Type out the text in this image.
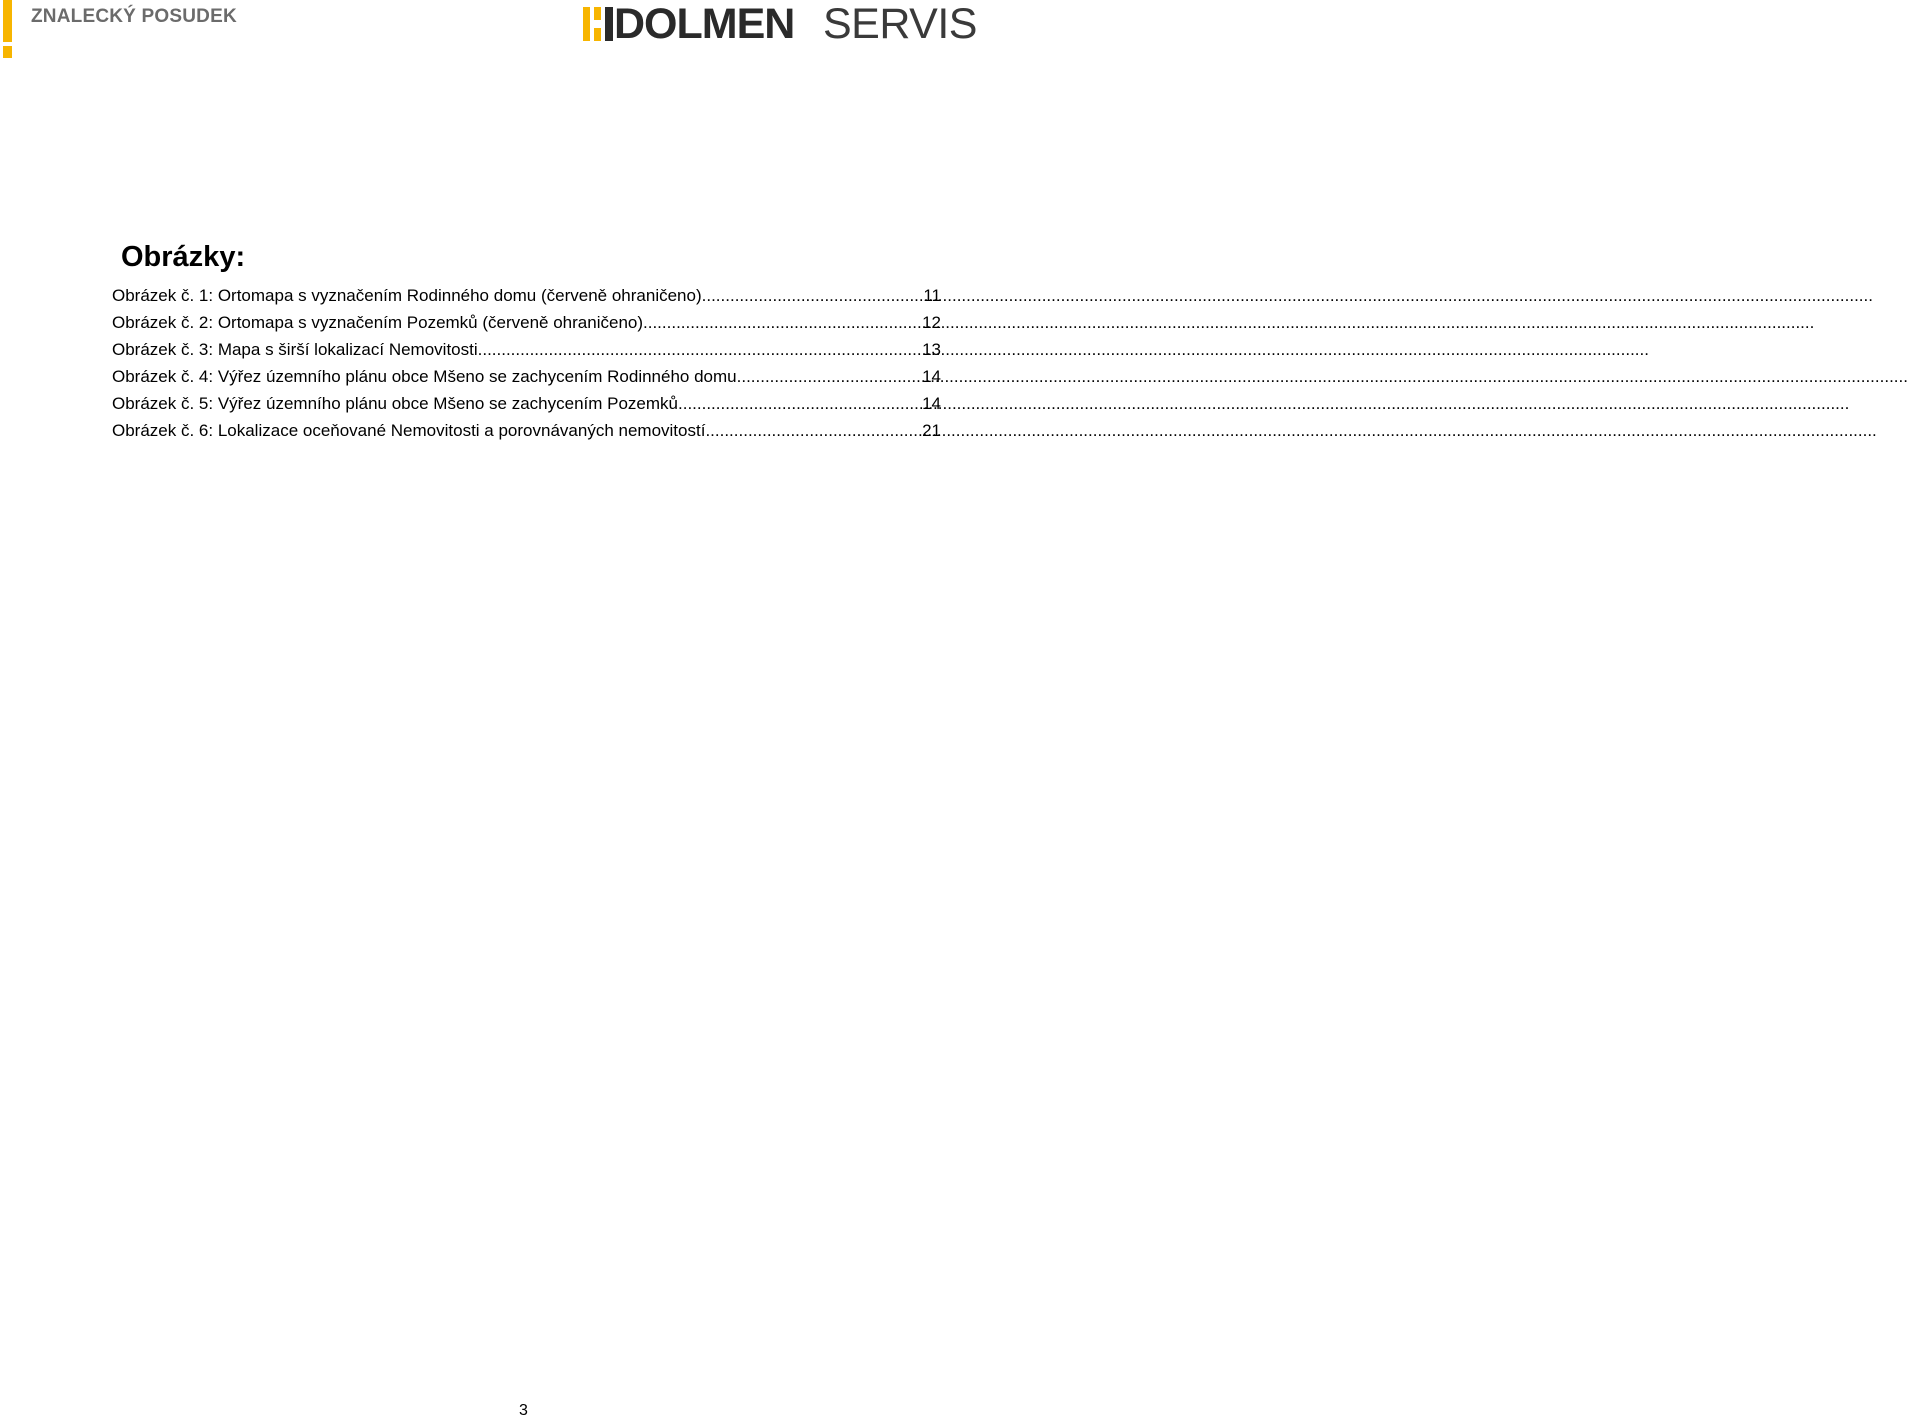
ZNALECKÝ POSUDEK	DOLMEN SERVIS
Obrázky:
Obrázek č. 1: Ortomapa s vyznačením Rodinného domu (červeně ohraničeno) .....	11
Obrázek č. 2: Ortomapa s vyznačením Pozemků (červeně ohraničeno) .....	12
Obrázek č. 3: Mapa s širší lokalizací Nemovitosti .....	13
Obrázek č. 4: Výřez územního plánu obce Mšeno se zachycením Rodinného domu .....	14
Obrázek č. 5: Výřez územního plánu obce Mšeno se zachycením Pozemků .....	14
Obrázek č. 6: Lokalizace oceňované Nemovitosti a porovnávaných nemovitostí .....	21
3
